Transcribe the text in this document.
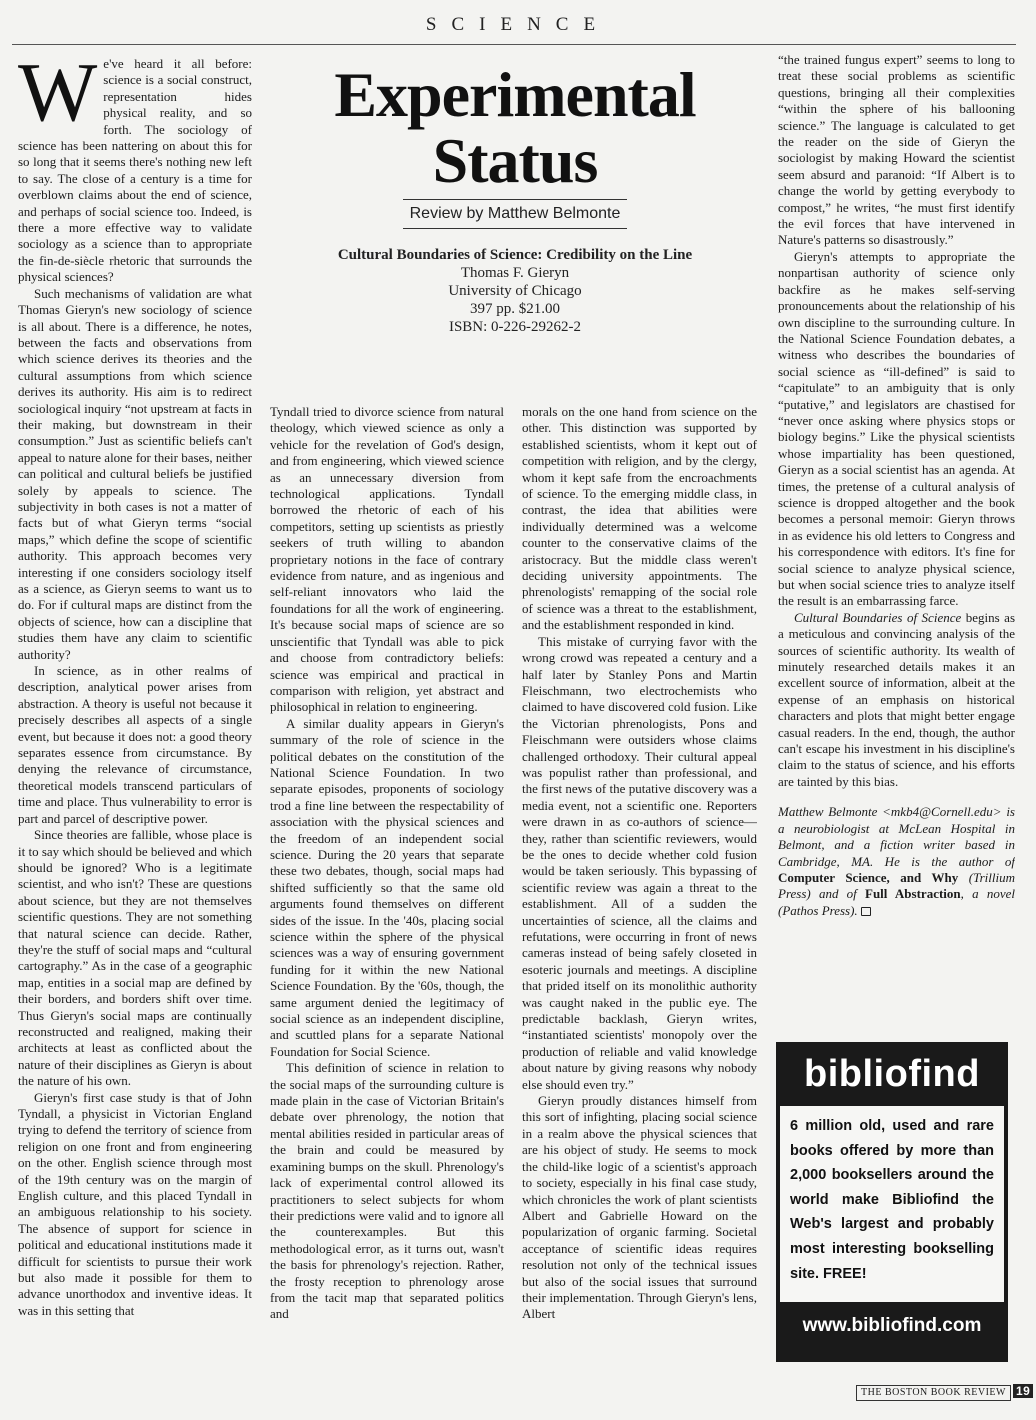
SCIENCE

We've heard it all before: science is a social construct, representation hides physical reality, and so forth. The sociology of science has been nattering on about this for so long that it seems there's nothing new left to say. The close of a century is a time for overblown claims about the end of science, and perhaps of social science too. Indeed, is there a more effective way to validate sociology as a science than to appropriate the fin-de-siècle rhetoric that surrounds the physical sciences?

Such mechanisms of validation are what Thomas Gieryn's new sociology of science is all about. There is a difference, he notes, between the facts and observations from which science derives its theories and the cultural assumptions from which science derives its authority. His aim is to redirect sociological inquiry “not upstream at facts in their making, but downstream in their consumption.” Just as scientific beliefs can't appeal to nature alone for their bases, neither can political and cultural beliefs be justified solely by appeals to science. The subjectivity in both cases is not a matter of facts but of what Gieryn terms “social maps,” which define the scope of scientific authority. This approach becomes very interesting if one considers sociology itself as a science, as Gieryn seems to want us to do. For if cultural maps are distinct from the objects of science, how can a discipline that studies them have any claim to scientific authority?

In science, as in other realms of description, analytical power arises from abstraction. A theory is useful not because it precisely describes all aspects of a single event, but because it does not: a good theory separates essence from circumstance. By denying the relevance of circumstance, theoretical models transcend particulars of time and place. Thus vulnerability to error is part and parcel of descriptive power.

Since theories are fallible, whose place is it to say which should be believed and which should be ignored? Who is a legitimate scientist, and who isn't? These are questions about science, but they are not themselves scientific questions. They are not something that natural science can decide. Rather, they're the stuff of social maps and “cultural cartography.” As in the case of a geographic map, entities in a social map are defined by their borders, and borders shift over time. Thus Gieryn's social maps are continually reconstructed and realigned, making their architects at least as conflicted about the nature of their disciplines as Gieryn is about the nature of his own.

Gieryn's first case study is that of John Tyndall, a physicist in Victorian England trying to defend the territory of science from religion on one front and from engineering on the other. English science through most of the 19th century was on the margin of English culture, and this placed Tyndall in an ambiguous relationship to his society. The absence of support for science in political and educational institutions made it difficult for scientists to pursue their work but also made it possible for them to advance unorthodox and inventive ideas. It was in this setting that

Experimental
Status
Review by Matthew Belmonte
Cultural Boundaries of Science: Credibility on the Line
Thomas F. Gieryn
University of Chicago
397 pp. $21.00
ISBN: 0-226-29262-2

Tyndall tried to divorce science from natural theology, which viewed science as only a vehicle for the revelation of God's design, and from engineering, which viewed science as an unnecessary diversion from technological applications. Tyndall borrowed the rhetoric of each of his competitors, setting up scientists as priestly seekers of truth willing to abandon proprietary notions in the face of contrary evidence from nature, and as ingenious and self-reliant innovators who laid the foundations for all the work of engineering. It's because social maps of science are so unscientific that Tyndall was able to pick and choose from contradictory beliefs: science was empirical and practical in comparison with religion, yet abstract and philosophical in relation to engineering.

A similar duality appears in Gieryn's summary of the role of science in the political debates on the constitution of the National Science Foundation. In two separate episodes, proponents of sociology trod a fine line between the respectability of association with the physical sciences and the freedom of an independent social science. During the 20 years that separate these two debates, though, social maps had shifted sufficiently so that the same old arguments found themselves on different sides of the issue. In the '40s, placing social science within the sphere of the physical sciences was a way of ensuring government funding for it within the new National Science Foundation. By the '60s, though, the same argument denied the legitimacy of social science as an independent discipline, and scuttled plans for a separate National Foundation for Social Science.

This definition of science in relation to the social maps of the surrounding culture is made plain in the case of Victorian Britain's debate over phrenology, the notion that mental abilities resided in particular areas of the brain and could be measured by examining bumps on the skull. Phrenology's lack of experimental control allowed its practitioners to select subjects for whom their predictions were valid and to ignore all the counterexamples. But this methodological error, as it turns out, wasn't the basis for phrenology's rejection. Rather, the frosty reception to phrenology arose from the tacit map that separated politics and

morals on the one hand from science on the other. This distinction was supported by established scientists, whom it kept out of competition with religion, and by the clergy, whom it kept safe from the encroachments of science. To the emerging middle class, in contrast, the idea that abilities were individually determined was a welcome counter to the conservative claims of the aristocracy. But the middle class weren't deciding university appointments. The phrenologists' remapping of the social role of science was a threat to the establishment, and the establishment responded in kind.

This mistake of currying favor with the wrong crowd was repeated a century and a half later by Stanley Pons and Martin Fleischmann, two electrochemists who claimed to have discovered cold fusion. Like the Victorian phrenologists, Pons and Fleischmann were outsiders whose claims challenged orthodoxy. Their cultural appeal was populist rather than professional, and the first news of the putative discovery was a media event, not a scientific one. Reporters were drawn in as co-authors of science—they, rather than scientific reviewers, would be the ones to decide whether cold fusion would be taken seriously. This bypassing of scientific review was again a threat to the establishment. All of a sudden the uncertainties of science, all the claims and refutations, were occurring in front of news cameras instead of being safely closeted in esoteric journals and meetings. A discipline that prided itself on its monolithic authority was caught naked in the public eye. The predictable backlash, Gieryn writes, “instantiated scientists' monopoly over the production of reliable and valid knowledge about nature by giving reasons why nobody else should even try.”

Gieryn proudly distances himself from this sort of infighting, placing social science in a realm above the physical sciences that are his object of study. He seems to mock the child-like logic of a scientist's approach to society, especially in his final case study, which chronicles the work of plant scientists Albert and Gabrielle Howard on the popularization of organic farming. Societal acceptance of scientific ideas requires resolution not only of the technical issues but also of the social issues that surround their implementation. Through Gieryn's lens, Albert

“the trained fungus expert” seems to long to treat these social problems as scientific questions, bringing all their complexities “within the sphere of his ballooning science.” The language is calculated to get the reader on the side of Gieryn the sociologist by making Howard the scientist seem absurd and paranoid: “If Albert is to change the world by getting everybody to compost,” he writes, “he must first identify the evil forces that have intervened in Nature's patterns so disastrously.”

Gieryn's attempts to appropriate the nonpartisan authority of science only backfire as he makes self-serving pronouncements about the relationship of his own discipline to the surrounding culture. In the National Science Foundation debates, a witness who describes the boundaries of social science as “ill-defined” is said to “capitulate” to an ambiguity that is only “putative,” and legislators are chastised for “never once asking where physics stops or biology begins.” Like the physical scientists whose impartiality has been questioned, Gieryn as a social scientist has an agenda. At times, the pretense of a cultural analysis of science is dropped altogether and the book becomes a personal memoir: Gieryn throws in as evidence his old letters to Congress and his correspondence with editors. It's fine for social science to analyze physical science, but when social science tries to analyze itself the result is an embarrassing farce.

Cultural Boundaries of Science begins as a meticulous and convincing analysis of the sources of scientific authority. Its wealth of minutely researched details makes it an excellent source of information, albeit at the expense of an emphasis on historical characters and plots that might better engage casual readers. In the end, though, the author can't escape his investment in his discipline's claim to the status of science, and his efforts are tainted by this bias.

Matthew Belmonte <mkb4@Cornell.edu> is a neurobiologist at McLean Hospital in Belmont, and a fiction writer based in Cambridge, MA. He is the author of Computer Science, and Why (Trillium Press) and of Full Abstraction, a novel (Pathos Press).

bibliofind
6 million old, used and rare books offered by more than 2,000 booksellers around the world make Bibliofind the Web's largest and probably most interesting bookselling site. FREE!
www.bibliofind.com
THE BOSTON BOOK REVIEW 19
